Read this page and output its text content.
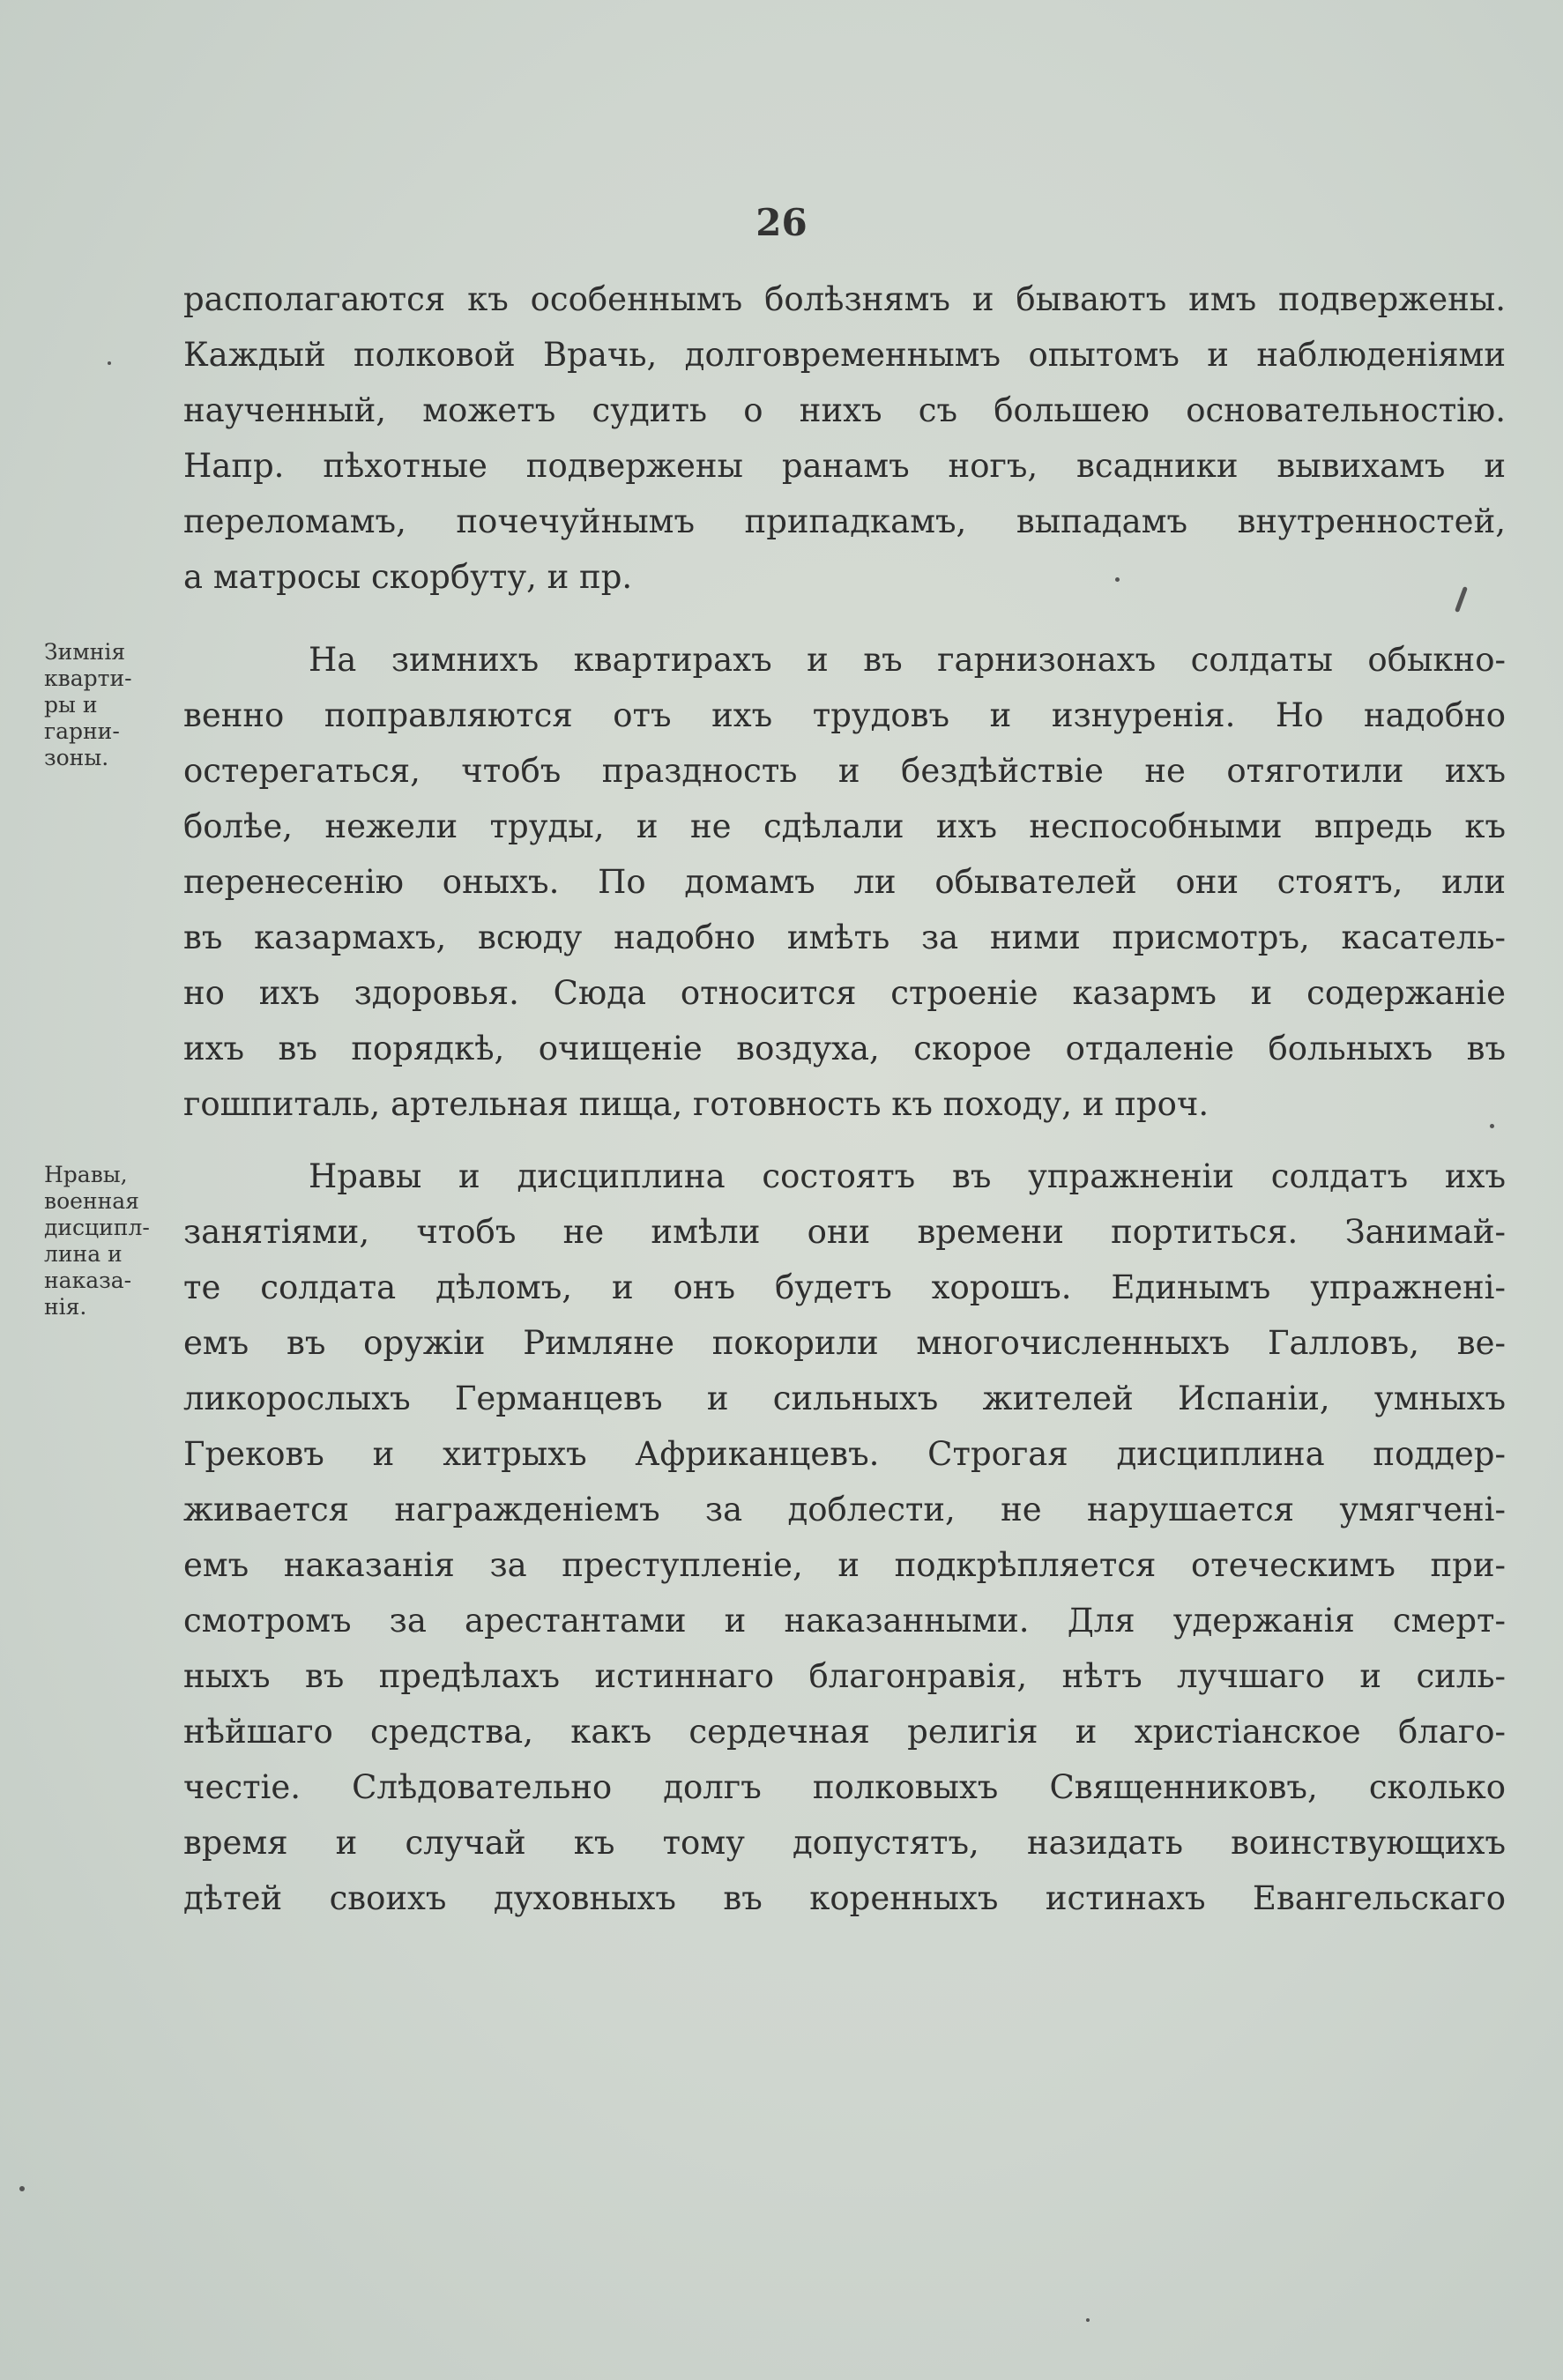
26

располагаются къ особеннымъ болѣзнямъ и бываютъ имъ подвержены.

Каждый полковой Врачь, долговременнымъ опытомъ и наблюденіями

наученный, можетъ судить о нихъ съ большею основательностію.

Напр. пѣхотные подвержены ранамъ ногъ, всадники вывихамъ и

переломамъ, почечуйнымъ припадкамъ, выпадамъ внутренностей,

а матросы скорбуту, и пр.

Зимнія
кварти-
ры и
гарни-
зоны.

На зимнихъ квартирахъ и въ гарнизонахъ солдаты обыкно-

венно поправляются отъ ихъ трудовъ и изнуренія. Но надобно

остерегаться, чтобъ праздность и бездѣйствіе не отяготили ихъ

болѣе, нежели труды, и не сдѣлали ихъ неспособными впредь къ

перенесенію оныхъ. По домамъ ли обывателей они стоятъ, или

въ казармахъ, всюду надобно имѣть за ними присмотръ, касатель-

но ихъ здоровья. Сюда относится строеніе казармъ и содержаніе

ихъ въ порядкѣ, очищеніе воздуха, скорое отдаленіе больныхъ въ

гошпиталь, артельная пища, готовность къ походу, и проч.

Нравы,
военная
дисципл-
лина и
наказа-
нія.

Нравы и дисциплина состоятъ въ упражненіи солдатъ ихъ

занятіями, чтобъ не имѣли они времени портиться. Занимай-

те солдата дѣломъ, и онъ будетъ хорошъ. Единымъ упражненi-

емъ въ оружіи Римляне покорили многочисленныхъ Галловъ, ве-

ликорослыхъ Германцевъ и сильныхъ жителей Испаніи, умныхъ

Грековъ и хитрыхъ Африканцевъ. Строгая дисциплина поддер-

живается награжденіемъ за доблести, не нарушается умягченi-

емъ наказанія за преступленіе, и подкрѣпляется отеческимъ при-

смотромъ за арестантами и наказанными. Для удержанія смерт-

ныхъ въ предѣлахъ истиннаго благонравія, нѣтъ лучшаго и силь-

нѣйшаго средства, какъ сердечная религія и христіанское благо-

честіе. Слѣдовательно долгъ полковыхъ Священниковъ, сколько

время и случай къ тому допустятъ, назидать воинствующихъ

дѣтей своихъ духовныхъ въ коренныхъ истинахъ Евангельскаго
